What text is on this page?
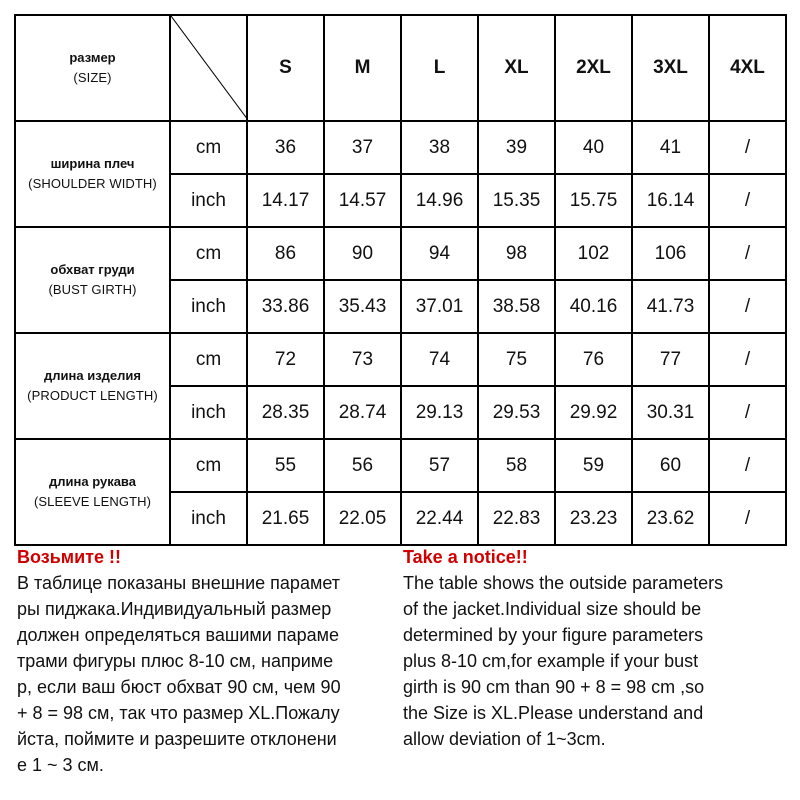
размер
(SIZE)		S	M	L	XL	2XL	3XL	4XL

ширина плеч
(SHOULDER WIDTH)	cm	36	37	38	39	40	41	/
	inch	14.17	14.57	14.96	15.35	15.75	16.14	/

обхват груди
(BUST GIRTH)	cm	86	90	94	98	102	106	/
	inch	33.86	35.43	37.01	38.58	40.16	41.73	/

длина изделия
(PRODUCT LENGTH)	cm	72	73	74	75	76	77	/
	inch	28.35	28.74	29.13	29.53	29.92	30.31	/

длина рукава
(SLEEVE LENGTH)	cm	55	56	57	58	59	60	/
	inch	21.65	22.05	22.44	22.83	23.23	23.62	/
Возьмите !!
В таблице показаны внешние парамет
ры пиджака.Индивидуальный размер
должен определяться вашими параме
трами фигуры плюс 8-10 см, наприме
р, если ваш бюст обхват 90 см, чем 90
+ 8 = 98 см, так что размер XL.Пожалу
йста, поймите и разрешите отклонени
е 1 ~ 3 см.
Take a notice!!
The table shows the outside parameters
of the jacket.Individual size should be
determined by your figure parameters
plus 8-10 cm,for example if your bust
girth is 90 cm than 90 + 8 = 98 cm ,so
the Size is XL.Please understand and
allow deviation of 1~3cm.
